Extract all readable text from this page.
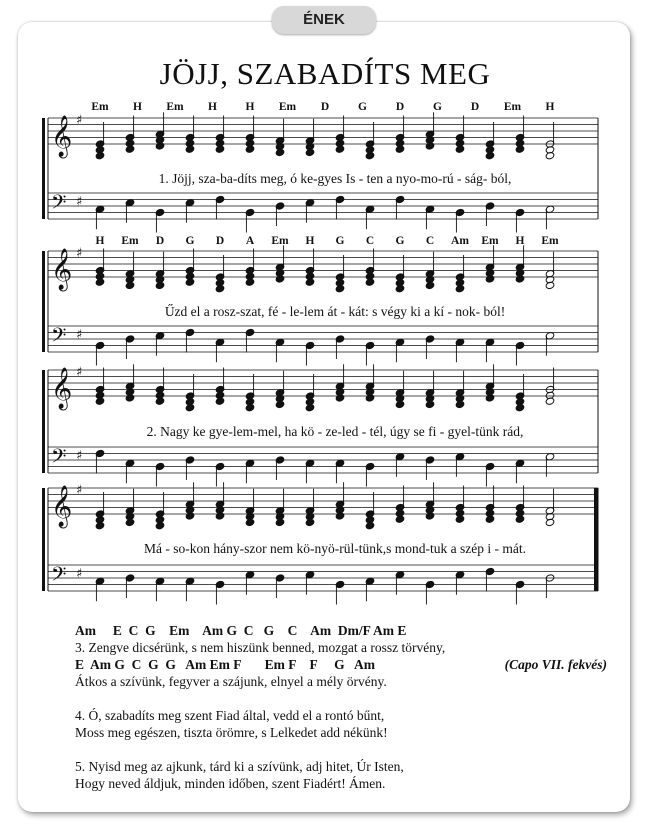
ÉNEK
JÖJJ, SZABADÍTS MEG
𝄞 ♯
𝄢 ♯
Em H Em H H Em D	G	D	G	D Em H
1. Jöjj, sza-ba-díts meg, ó ke-gyes Is - ten a nyo-mo-rú - ság- ból,
𝄞 ♯
𝄢 ♯
H Em D G D A Em H G C G C Am Em H Em
Űzd el a rosz-szat, fé - le-lem át - kát: s végy ki a kí - nok- ból!
𝄞 ♯
𝄢 ♯
2. Nagy ke gye-lem-mel, ha kö - ze-led - tél, úgy se fi - gyel-tünk rád,
𝄞 ♯
𝄢 ♯
Má - so-kon hány-szor nem kö-nyö-rül-tünk,s mond-tuk a szép i - mát.
Am     E  C  G    Em    Am G  C   G    C    Am  Dm/F Am E
3. Zengve dicsérünk, s nem hiszünk benned, mozgat a rossz törvény,
E  Am G  C  G  G   Am Em F       Em F    F     G   Am	(Capo VII. fekvés)
Átkos a szívünk, fegyver a szájunk, elnyel a mély örvény.
4. Ó, szabadíts meg szent Fiad által, vedd el a rontó bűnt,
Moss meg egészen, tiszta örömre, s Lelkedet add nékünk!
5. Nyisd meg az ajkunk, tárd ki a szívünk, adj hitet, Úr Isten,
Hogy neved áldjuk, minden időben, szent Fiadért! Ámen.
